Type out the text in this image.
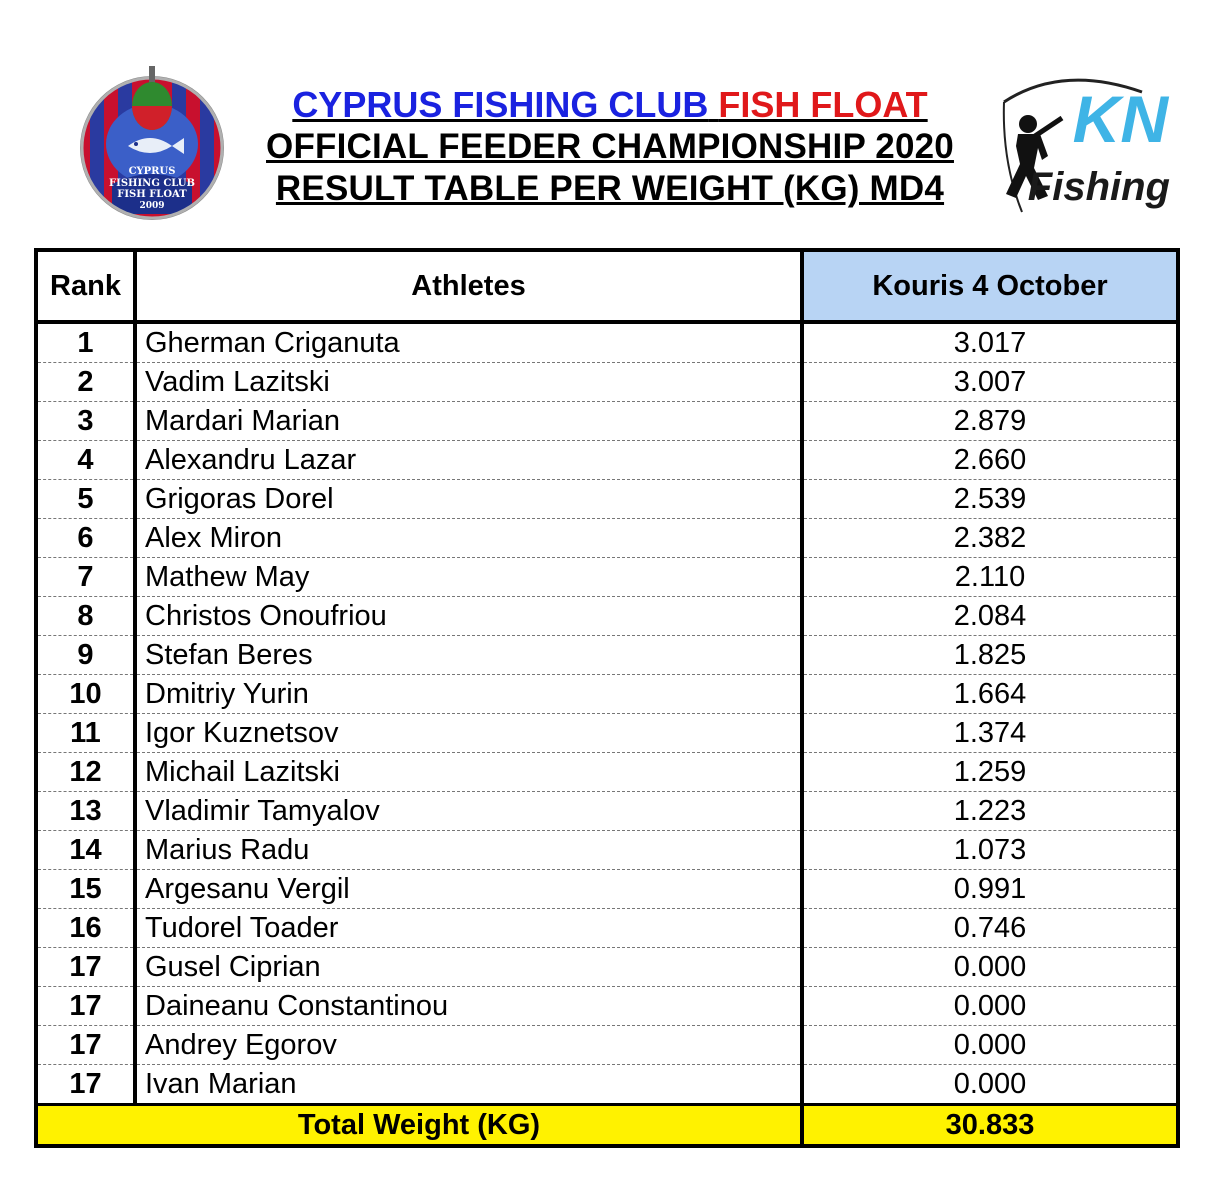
CYPRUS
FISHING CLUB
FISH FLOAT
2009
CYPRUS FISHING CLUB FISH FLOAT
OFFICIAL FEEDER CHAMPIONSHIP 2020
RESULT TABLE PER WEIGHT (KG) MD4
KN
Fishing
Rank	Athletes	Kouris 4 October
1	Gherman Criganuta	3.017
2	Vadim Lazitski	3.007
3	Mardari Marian	2.879
4	Alexandru Lazar	2.660
5	Grigoras Dorel	2.539
6	Alex Miron	2.382
7	Mathew May	2.110
8	Christos Onoufriou	2.084
9	Stefan Beres	1.825
10	Dmitriy Yurin	1.664
11	Igor Kuznetsov	1.374
12	Michail Lazitski	1.259
13	Vladimir Tamyalov	1.223
14	Marius Radu	1.073
15	Argesanu Vergil	0.991
16	Tudorel Toader	0.746
17	Gusel Ciprian	0.000
17	Daineanu Constantinou	0.000
17	Andrey Egorov	0.000
17	Ivan Marian	0.000
Total Weight (KG)		30.833
